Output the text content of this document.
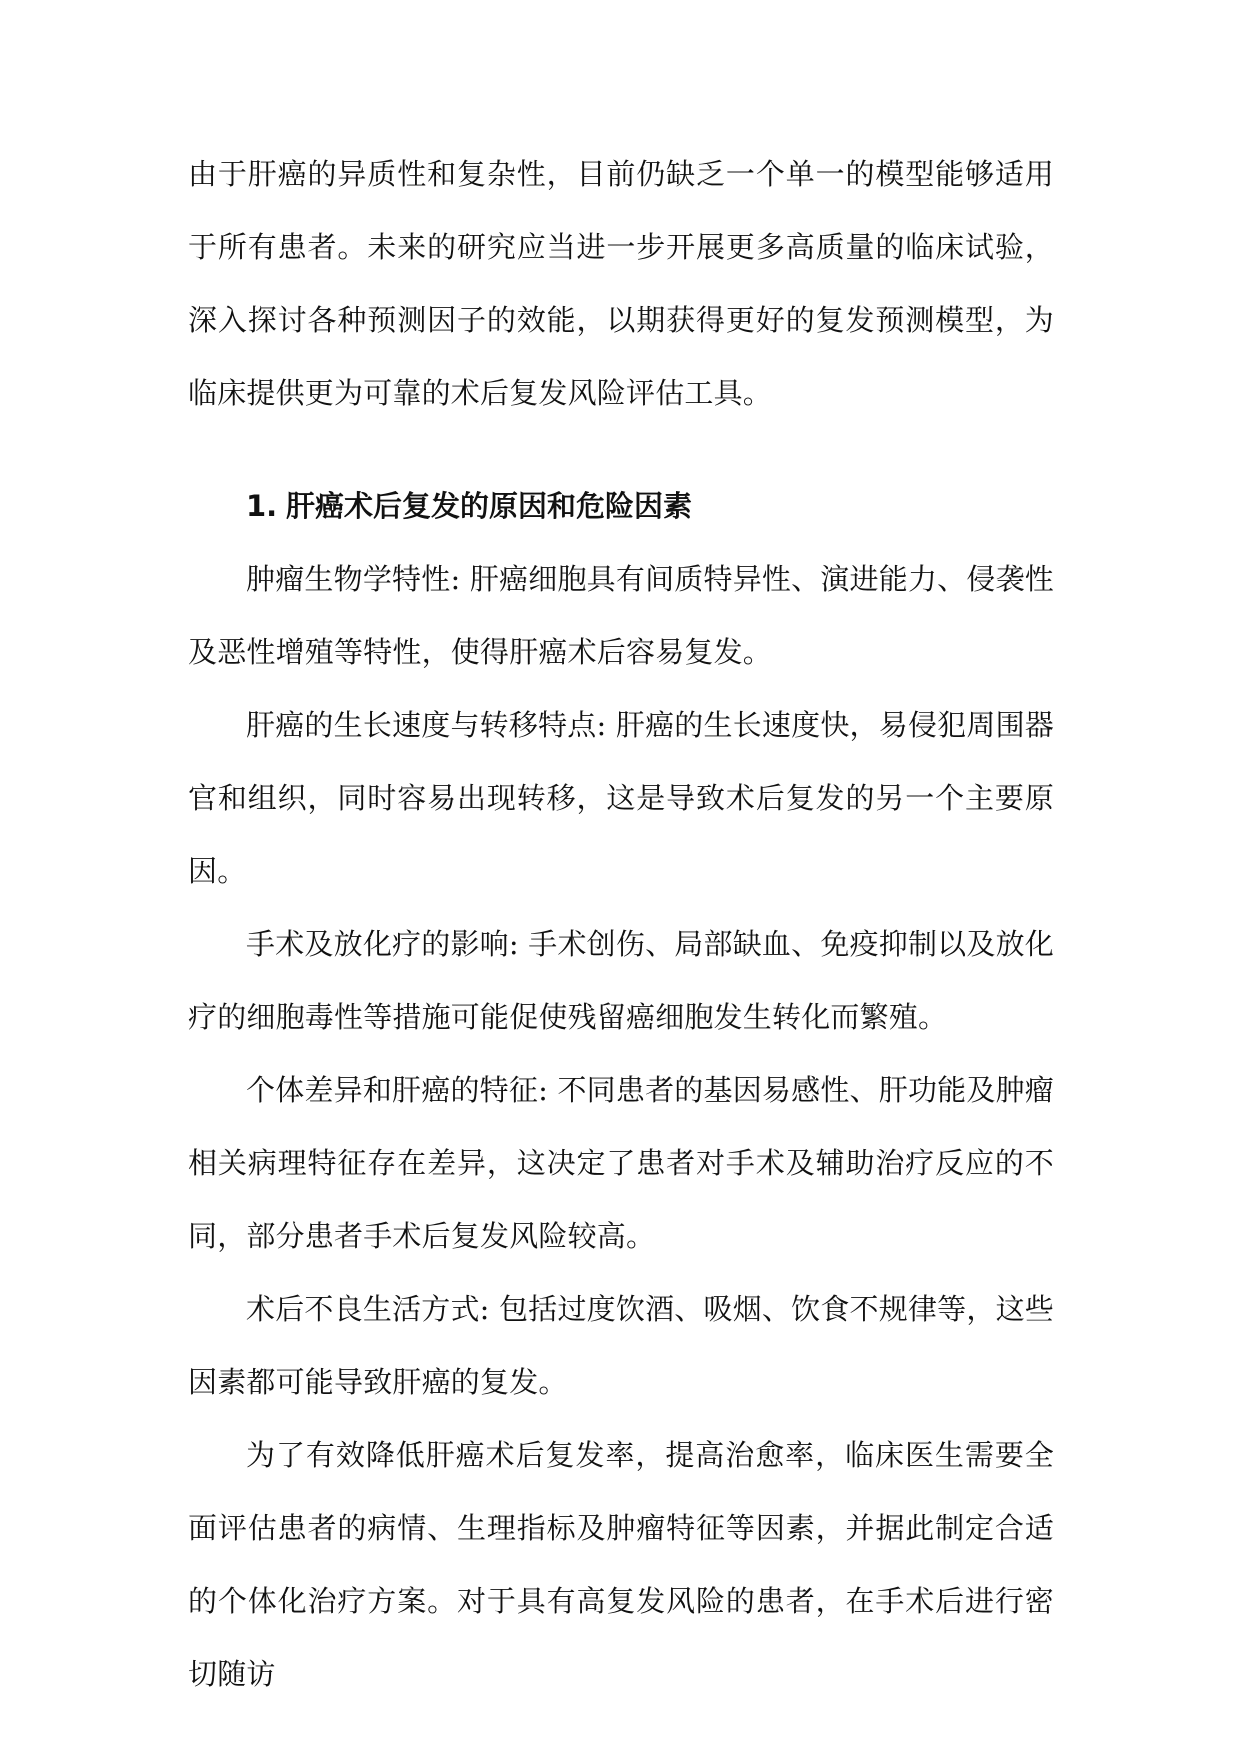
由于肝癌的异质性和复杂性，目前仍缺乏一个单一的模型能够适用于所有患者。未来的研究应当进一步开展更多高质量的临床试验，深入探讨各种预测因子的效能，以期获得更好的复发预测模型，为临床提供更为可靠的术后复发风险评估工具。

1. 肝癌术后复发的原因和危险因素

肿瘤生物学特性: 肝癌细胞具有间质特异性、演进能力、侵袭性及恶性增殖等特性，使得肝癌术后容易复发。

肝癌的生长速度与转移特点: 肝癌的生长速度快，易侵犯周围器官和组织，同时容易出现转移，这是导致术后复发的另一个主要原因。

手术及放化疗的影响: 手术创伤、局部缺血、免疫抑制以及放化疗的细胞毒性等措施可能促使残留癌细胞发生转化而繁殖。

个体差异和肝癌的特征: 不同患者的基因易感性、肝功能及肿瘤相关病理特征存在差异，这决定了患者对手术及辅助治疗反应的不同，部分患者手术后复发风险较高。

术后不良生活方式: 包括过度饮酒、吸烟、饮食不规律等，这些因素都可能导致肝癌的复发。

为了有效降低肝癌术后复发率，提高治愈率，临床医生需要全面评估患者的病情、生理指标及肿瘤特征等因素，并据此制定合适的个体化治疗方案。对于具有高复发风险的患者，在手术后进行密切随访
